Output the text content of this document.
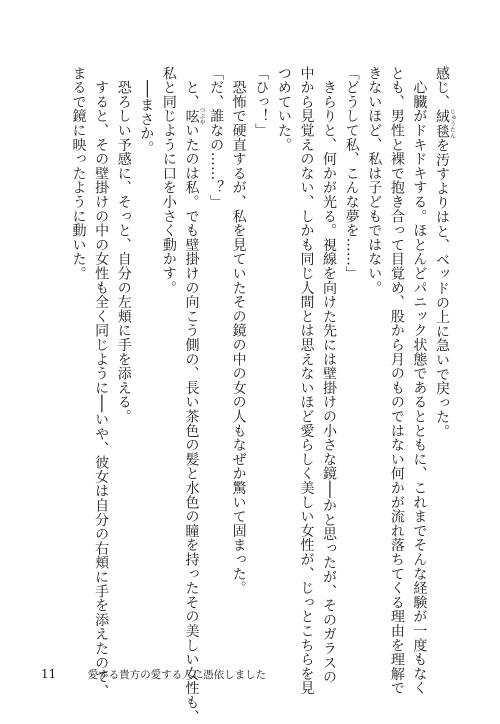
感じ、絨毯じゅうたんを汚すよりはと、ベッドの上に急いで戻った。
　心臓がドキドキする。ほとんどパニック状態であるとともに、これまでそんな経験が一度もなく
とも、男性と裸で抱き合って目覚め、股から月のものではない何かが流れ落ちてくる理由を理解で
きないほど、私は子どもではない。
「どうして私、こんな夢を……」
　きらりと、何かが光る。視線を向けた先には壁掛けの小さな鏡──かと思ったが、そのガラスの
中から見覚えのない、しかも同じ人間とは思えないほど愛らしく美しい女性が、じっとこちらを見
つめていた。
「ひっ！」
　恐怖で硬直するが、私を見ていたその鏡の中の女の人もなぜか驚いて固まった。
「だ、誰なの……？」
　と、呟つぶやいたのは私。でも壁掛けの向こう側の、長い茶色の髪と水色の瞳を持ったその美しい女性も、
私と同じように口を小さく動かす。
　──まさか。
　恐ろしい予感に、そっと、自分の左頬に手を添える。
　すると、その壁掛けの中の女性も全く同じように──いや、彼女は自分の右頬に手を添えたので、
まるで鏡に映ったように動いた。
11	愛する貴方の愛する人に憑依しました
